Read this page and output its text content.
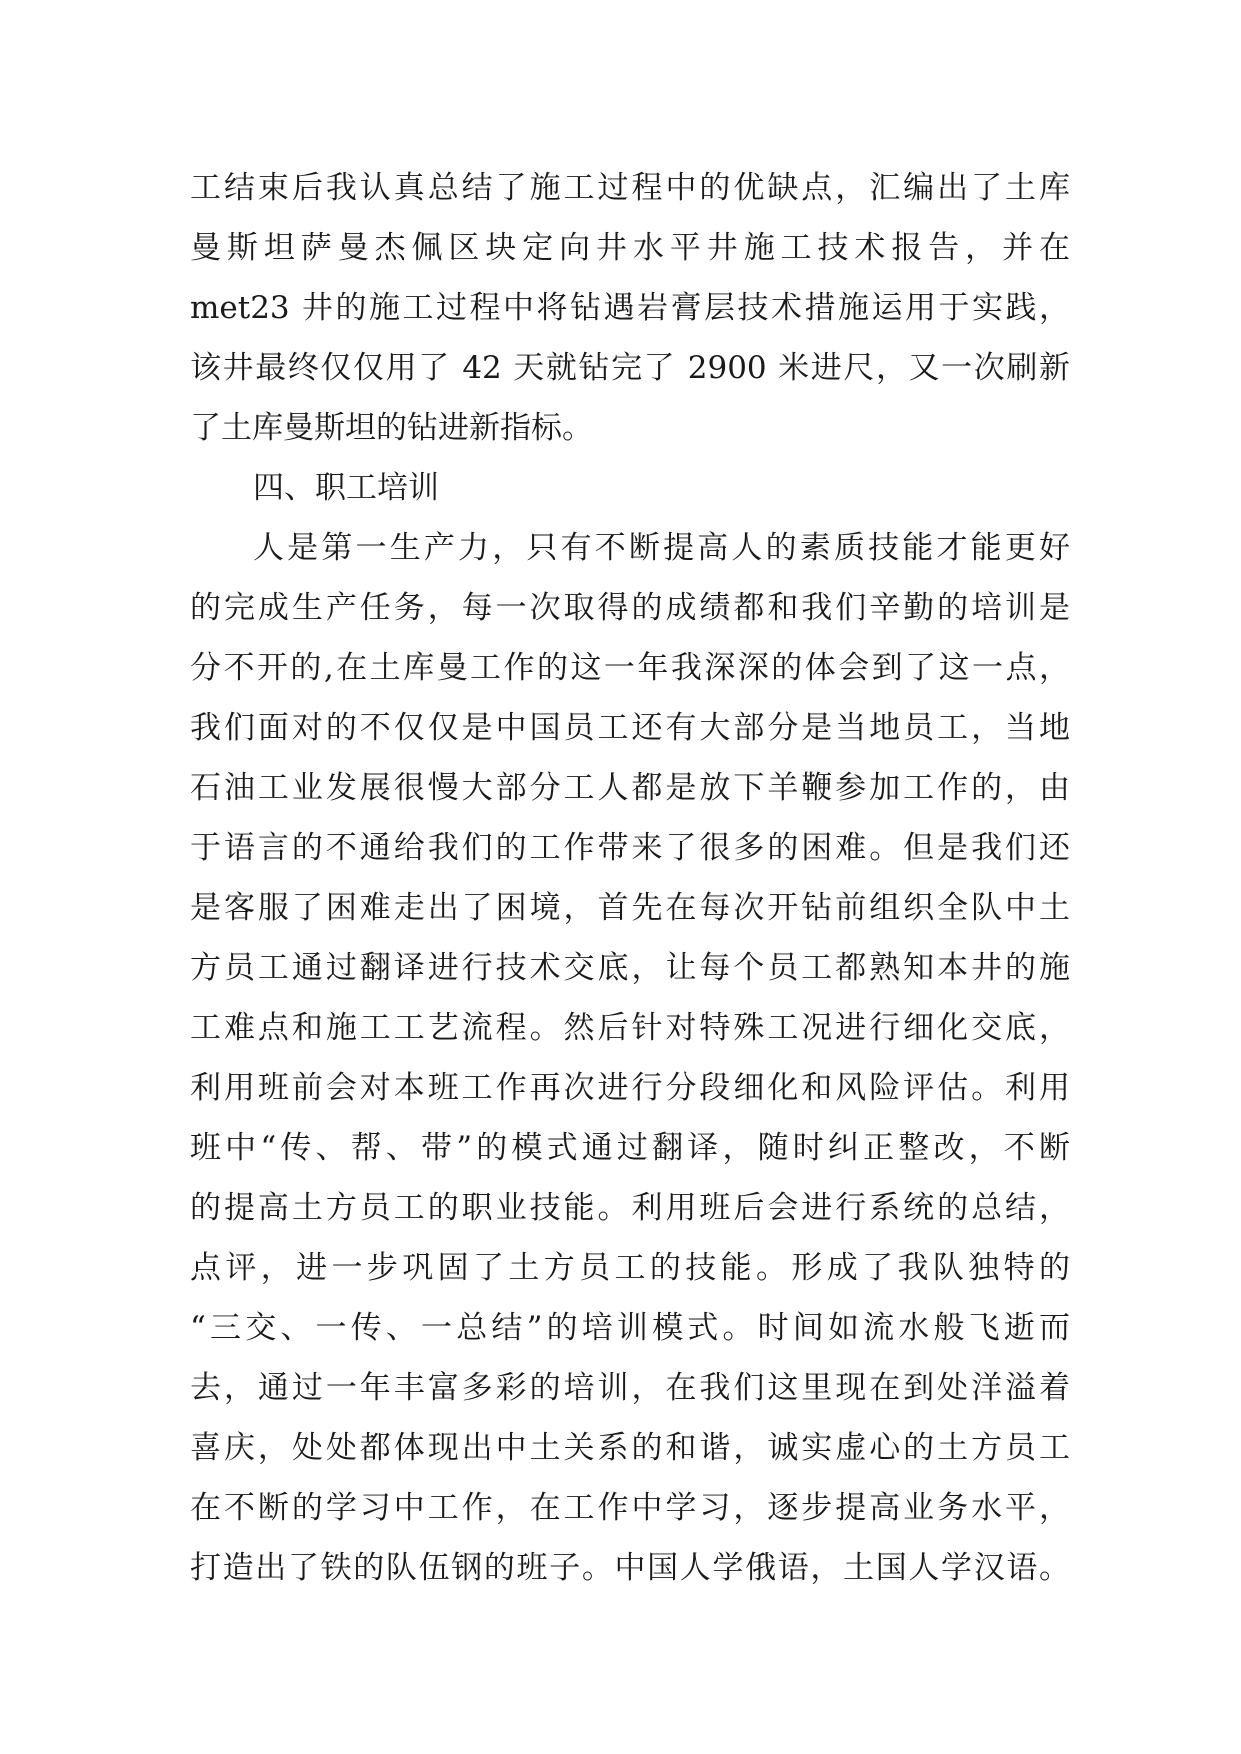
工结束后我认真总结了施工过程中的优缺点，汇编出了土库
曼斯坦萨曼杰佩区块定向井水平井施工技术报告，并在
met23 井的施工过程中将钻遇岩膏层技术措施运用于实践，
该井最终仅仅用了 42 天就钻完了 2900 米进尺，又一次刷新
了土库曼斯坦的钻进新指标。
四、职工培训
人是第一生产力，只有不断提高人的素质技能才能更好
的完成生产任务，每一次取得的成绩都和我们辛勤的培训是
分不开的,在土库曼工作的这一年我深深的体会到了这一点，
我们面对的不仅仅是中国员工还有大部分是当地员工，当地
石油工业发展很慢大部分工人都是放下羊鞭参加工作的，由
于语言的不通给我们的工作带来了很多的困难。但是我们还
是客服了困难走出了困境，首先在每次开钻前组织全队中土
方员工通过翻译进行技术交底，让每个员工都熟知本井的施
工难点和施工工艺流程。然后针对特殊工况进行细化交底，
利用班前会对本班工作再次进行分段细化和风险评估。利用
班中“传、帮、带”的模式通过翻译，随时纠正整改，不断
的提高土方员工的职业技能。利用班后会进行系统的总结，
点评，进一步巩固了土方员工的技能。形成了我队独特的
“三交、一传、一总结”的培训模式。时间如流水般飞逝而
去，通过一年丰富多彩的培训，在我们这里现在到处洋溢着
喜庆，处处都体现出中土关系的和谐，诚实虚心的土方员工
在不断的学习中工作，在工作中学习，逐步提高业务水平，
打造出了铁的队伍钢的班子。中国人学俄语，土国人学汉语。
